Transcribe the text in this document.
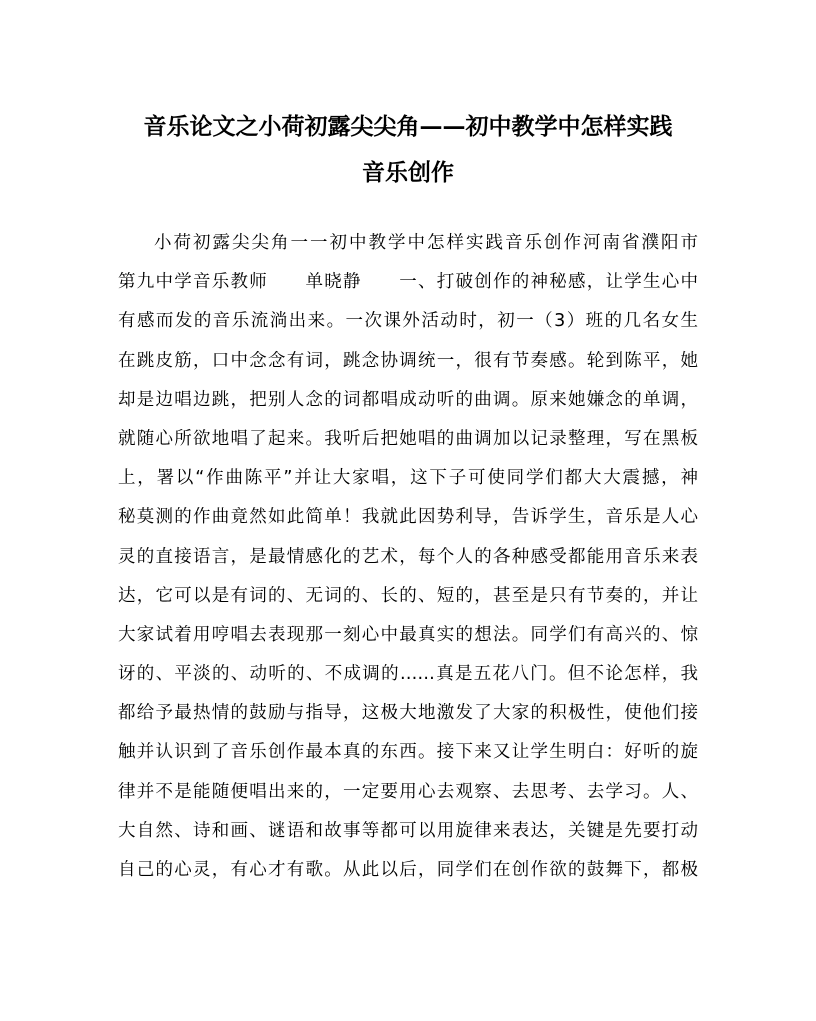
音乐论文之小荷初露尖尖角——初中教学中怎样实践
音乐创作
小荷初露尖尖角一一初中教学中怎样实践音乐创作河南省濮阳市
第九中学音乐教师　　单晓静　　一、打破创作的神秘感，让学生心中
有感而发的音乐流淌出来。一次课外活动时，初一（3）班的几名女生
在跳皮筋，口中念念有词，跳念协调统一，很有节奏感。轮到陈平，她
却是边唱边跳，把别人念的词都唱成动听的曲调。原来她嫌念的单调，
就随心所欲地唱了起来。我听后把她唱的曲调加以记录整理，写在黑板
上，署以“作曲陈平”并让大家唱，这下子可使同学们都大大震撼，神
秘莫测的作曲竟然如此简单！我就此因势利导，告诉学生，音乐是人心
灵的直接语言，是最情感化的艺术，每个人的各种感受都能用音乐来表
达，它可以是有词的、无词的、长的、短的，甚至是只有节奏的，并让
大家试着用哼唱去表现那一刻心中最真实的想法。同学们有高兴的、惊
讶的、平淡的、动听的、不成调的……真是五花八门。但不论怎样，我
都给予最热情的鼓励与指导，这极大地激发了大家的积极性，使他们接
触并认识到了音乐创作最本真的东西。接下来又让学生明白：好听的旋
律并不是能随便唱出来的，一定要用心去观察、去思考、去学习。人、
大自然、诗和画、谜语和故事等都可以用旋律来表达，关键是先要打动
自己的心灵，有心才有歌。从此以后，同学们在创作欲的鼓舞下，都极
